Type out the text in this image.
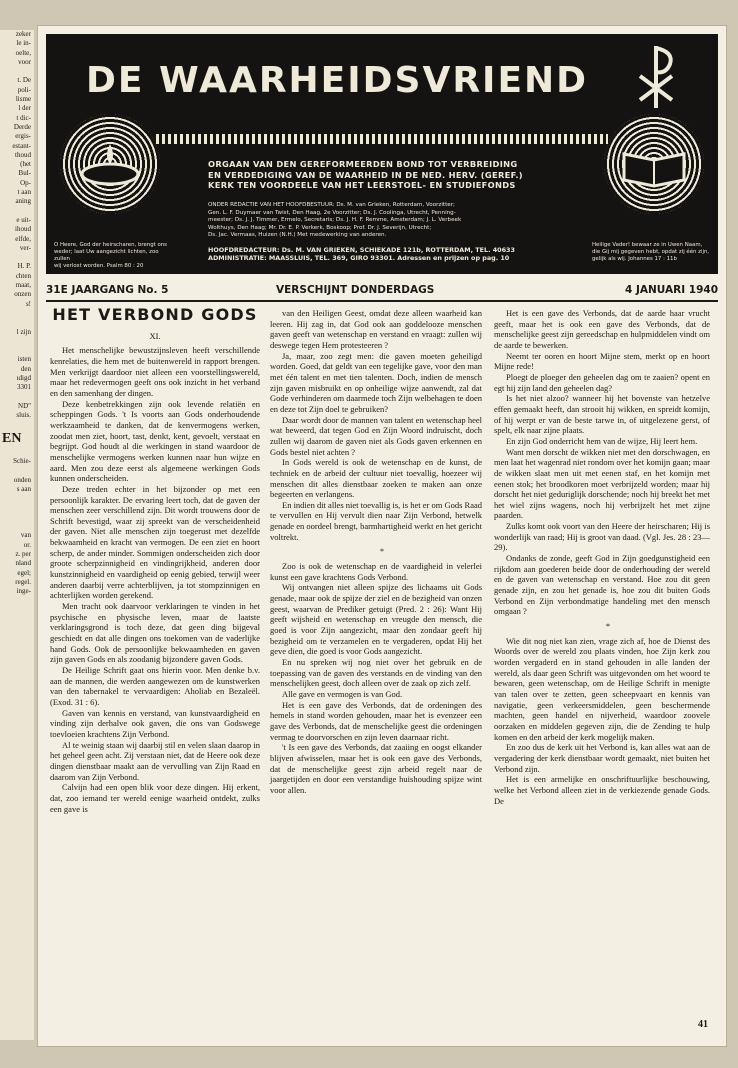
zeker
le in-
oelte,
voor

t. De
poli-
lisme
l der
t dic-
Derde
ergis-
estant-
thoud
(het
Bul-
Op-
t aan
aning

e uit-
ihoud
elfde,
ver-

H. P.
chten
maat,
onzen
s!

l zijn

isten
den
ıdigd
3301

ND"
sluis.

EN

Schie-

onden
s aan

van
or.
z. per
nland
egel;
regel.
inge-
DE WAARHEIDSVRIEND
ORGAAN VAN DEN GEREFORMEERDEN BOND TOT VERBREIDING
EN VERDEDIGING VAN DE WAARHEID IN DE NED. HERV. (GEREF.)
KERK TEN VOORDEELE VAN HET LEERSTOEL- EN STUDIEFONDS
ONDER REDACTIE VAN HET HOOFDBESTUUR: Ds. M. van Grieken, Rotterdam, Voorzitter;
Gen. L. F. Duymaer van Twist, Den Haag, 2e Voorzitter; Ds. J. Coolinga, Utrecht, Penning-
meester; Ds. J. J. Timmer, Ermelo, Secretaris; Ds. J. H. F. Remme, Amsterdam; J. L. Verbeek
Wolthuys, Den Haag; Mr. Dr. E. P. Verkerk, Boskoop; Prof. Dr. J. Severijn, Utrecht;
Ds. Jac. Vermaas, Huizen (N.H.) Met medewerking van anderen.
HOOFDREDACTEUR: Ds. M. VAN GRIEKEN, SCHIEKADE 121b, ROTTERDAM, TEL. 40633
ADMINISTRATIE: MAASSLUIS, TEL. 369, GIRO 93301. Adressen en prijzen op pag. 10
O Heere, God der heirscharen, brengt ons
weder; laat Uw aangezicht lichten, zoo zullen
wij verlost worden. Psalm 80 : 20
Heilige Vader! bewaar ze in Uwen Naam,
die Gij mij gegeven hebt, opdat zij één zijn,
gelijk als wij. Johannes 17 : 11b
31E JAARGANG No. 5	VERSCHIJNT DONDERDAGS	4 JANUARI 1940
HET VERBOND GODS
XI.

Het menschelijke bewustzijnsleven heeft verschillende kenrelaties, die hem met de buitenwereld in rapport brengen. Men verkrijgt daardoor niet alleen een voorstellingswereld, maar het redevermogen geeft ons ook inzicht in het verband en den samenhang der dingen.

Deze kenbetrekkingen zijn ook levende relatiën en scheppingen Gods. 't Is voorts aan Gods onderhoudende werkzaamheid te danken, dat de kenvermogens werken, zoodat men ziet, hoort, tast, denkt, kent, gevoelt, verstaat en begrijpt. God houdt al die werkingen in stand waardoor de menschelijke vermogens werken kunnen naar hun wijze en aard. Men zou deze eerst als algemeene werkingen Gods kunnen onderscheiden.

Deze treden echter in het bijzonder op met een persoonlijk karakter. De ervaring leert toch, dat de gaven der menschen zeer verschillend zijn. Dit wordt trouwens door de Schrift bevestigd, waar zij spreekt van de verscheidenheid der gaven. Niet alle menschen zijn toegerust met dezelfde bekwaamheid en kracht van vermogen. De een ziet en hoort scherp, de ander minder. Sommigen onderscheiden zich door groote scherpzinnigheid en vindingrijkheid, anderen door kunstzinnigheid en vaardigheid op eenig gebied, terwijl weer anderen daarbij verre achterblijven, ja tot stompzinnigen en achterlijken worden gerekend.

Men tracht ook daarvoor verklaringen te vinden in het psychische en physische leven, maar de laatste verklaringsgrond is toch deze, dat geen ding bijgeval geschiedt en dat alle dingen ons toekomen van de vaderlijke hand Gods. Ook de persoonlijke bekwaamheden en gaven zijn gaven Gods en als zoodanig bijzondere gaven Gods.

De Heilige Schrift gaat ons hierin voor. Men denke b.v. aan de mannen, die werden aangewezen om de kunstwerken van den tabernakel te vervaardigen: Aholiab en Bezaleël. (Exod. 31 : 6).

Gaven van kennis en verstand, van kunstvaardigheid en vinding zijn derhalve ook gaven, die ons van Godswege toevloeien krachtens Zijn Verbond.

Al te weinig staan wij daarbij stil en velen slaan daarop in het geheel geen acht. Zij verstaan niet, dat de Heere ook deze dingen dienstbaar maakt aan de vervulling van Zijn Raad en daarom van Zijn Verbond.

Calvijn had een open blik voor deze dingen. Hij erkent, dat, zoo iemand ter wereld eenige waarheid ontdekt, zulks een gave is

van den Heiligen Geest, omdat deze alleen waarheid kan leeren. Hij zag in, dat God ook aan goddelooze menschen gaven geeft van wetenschap en verstand en vraagt: zullen wij deswege tegen Hem protesteeren ?

Ja, maar, zoo zegt men: die gaven moeten geheiligd worden. Goed, dat geldt van een tegelijke gave, voor den man met één talent en met tien talenten. Doch, indien de mensch zijn gaven misbruikt en op onheilige wijze aanwendt, zal dat Gode verhinderen om daarmede toch Zijn welbehagen te doen en deze tot Zijn doel te gebruiken?

Daar wordt door de mannen van talent en wetenschap heel wat beweerd, dat tegen God en Zijn Woord indruischt, doch zullen wij daarom de gaven niet als Gods gaven erkennen en Gods bestel niet achten ?

In Gods wereld is ook de wetenschap en de kunst, de techniek en de arbeid der cultuur niet toevallig, hoezeer wij menschen dit alles dienstbaar zoeken te maken aan onze begeerten en verlangens.

En indien dit alles niet toevallig is, is het er om Gods Raad te vervullen en Hij vervult dien naar Zijn Verbond, hetwelk genade en oordeel brengt, barmhartigheid werkt en het gericht voltrekt.

*

Zoo is ook de wetenschap en de vaardigheid in velerlei kunst een gave krachtens Gods Verbond.

Wij ontvangen niet alleen spijze des lichaams uit Gods genade, maar ook de spijze der ziel en de bezigheid van onzen geest, waarvan de Prediker getuigt (Pred. 2 : 26): Want Hij geeft wijsheid en wetenschap en vreugde den mensch, die goed is voor Zijn aangezicht, maar den zondaar geeft hij bezigheid om te verzamelen en te vergaderen, opdat Hij het geve dien, die goed is voor Gods aangezicht.

En nu spreken wij nog niet over het gebruik en de toepassing van de gaven des verstands en de vinding van den menschelijken geest, doch alleen over de zaak op zich zelf.

Alle gave en vermogen is van God.

Het is een gave des Verbonds, dat de ordeningen des hemels in stand worden gehouden, maar het is evenzeer een gave des Verbonds, dat de menschelijke geest die ordeningen vermag te doorvorschen en zijn leven daarnaar richt.

't Is een gave des Verbonds, dat zaaiing en oogst elkander blijven afwisselen, maar het is ook een gave des Verbonds, dat de menschelijke geest zijn arbeid regelt naar de jaargetijden en door een verstandige huishouding spijze wint voor allen.

Het is een gave des Verbonds, dat de aarde haar vrucht geeft, maar het is ook een gave des Verbonds, dat de menschelijke geest zijn gereedschap en hulpmiddelen vindt om de aarde te bewerken.

Neemt ter ooren en hoort Mijne stem, merkt op en hoort Mijne rede!

Ploegt de ploeger den geheelen dag om te zaaien? opent en egt hij zijn land den geheelen dag?

Is het niet alzoo? wanneer hij het bovenste van hetzelve effen gemaakt heeft, dan strooit hij wikken, en spreidt komijn, of hij werpt er van de beste tarwe in, of uitgelezene gerst, of spelt, elk naar zijne plaats.

En zijn God onderricht hem van de wijze, Hij leert hem.

Want men dorscht de wikken niet met den dorschwagen, en men laat het wagenrad niet rondom over het komijn gaan; maar de wikken slaat men uit met eenen staf, en het komijn met eenen stok; het broodkoren moet verbrijzeld worden; maar hij dorscht het niet geduriglijk dorschende; noch hij breekt het met het wiel zijns wagens, noch hij verbrijzelt het met zijne paarden.

Zulks komt ook voort van den Heere der heirscharen; Hij is wonderlijk van raad; Hij is groot van daad. (Vgl. Jes. 28 : 23—29).

Ondanks de zonde, geeft God in Zijn goedgunstigheid een rijkdom aan goederen beide door de onderhouding der wereld en de gaven van wetenschap en verstand. Hoe zou dit geen genade zijn, en zou het genade is, hoe zou dit buiten Gods Verbond en Zijn verbondmatige handeling met den mensch omgaan ?

*

Wie dit nog niet kan zien, vrage zich af, hoe de Dienst des Woords over de wereld zou plaats vinden, hoe Zijn kerk zou worden vergaderd en in stand gehouden in alle landen der wereld, als daar geen Schrift was uitgevonden om het woord te bewaren, geen wetenschap, om de Heilige Schrift in menigte van talen over te zetten, geen scheepvaart en kennis van navigatie, geen verkeersmiddelen, geen beschermende machten, geen handel en nijverheid, waardoor zoovele oorzaken en middelen gegeven zijn, die de Zending te hulp komen en den arbeid der kerk mogelijk maken.

En zoo dus de kerk uit het Verbond is, kan alles wat aan de vergadering der kerk dienstbaar wordt gemaakt, niet buiten het Verbond zijn.

Het is een armelijke en onschriftuurlijke beschouwing, welke het Verbond alleen ziet in de verkiezende genade Gods. De

41
